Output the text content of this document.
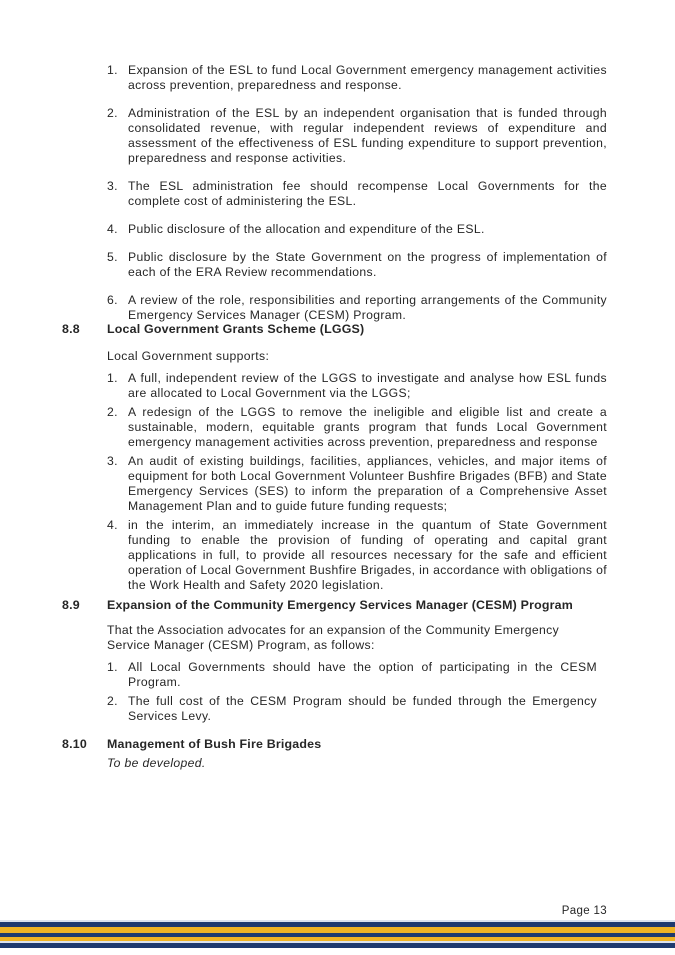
1. Expansion of the ESL to fund Local Government emergency management activities across prevention, preparedness and response.
2. Administration of the ESL by an independent organisation that is funded through consolidated revenue, with regular independent reviews of expenditure and assessment of the effectiveness of ESL funding expenditure to support prevention, preparedness and response activities.
3. The ESL administration fee should recompense Local Governments for the complete cost of administering the ESL.
4. Public disclosure of the allocation and expenditure of the ESL.
5. Public disclosure by the State Government on the progress of implementation of each of the ERA Review recommendations.
6. A review of the role, responsibilities and reporting arrangements of the Community Emergency Services Manager (CESM) Program.
8.8 Local Government Grants Scheme (LGGS)
Local Government supports:
1. A full, independent review of the LGGS to investigate and analyse how ESL funds are allocated to Local Government via the LGGS;
2. A redesign of the LGGS to remove the ineligible and eligible list and create a sustainable, modern, equitable grants program that funds Local Government emergency management activities across prevention, preparedness and response
3. An audit of existing buildings, facilities, appliances, vehicles, and major items of equipment for both Local Government Volunteer Bushfire Brigades (BFB) and State Emergency Services (SES) to inform the preparation of a Comprehensive Asset Management Plan and to guide future funding requests;
4. in the interim, an immediately increase in the quantum of State Government funding to enable the provision of funding of operating and capital grant applications in full, to provide all resources necessary for the safe and efficient operation of Local Government Bushfire Brigades, in accordance with obligations of the Work Health and Safety 2020 legislation.
8.9 Expansion of the Community Emergency Services Manager (CESM) Program
That the Association advocates for an expansion of the Community Emergency Service Manager (CESM) Program, as follows:
1. All Local Governments should have the option of participating in the CESM Program.
2. The full cost of the CESM Program should be funded through the Emergency Services Levy.
8.10 Management of Bush Fire Brigades
To be developed.
Page 13
